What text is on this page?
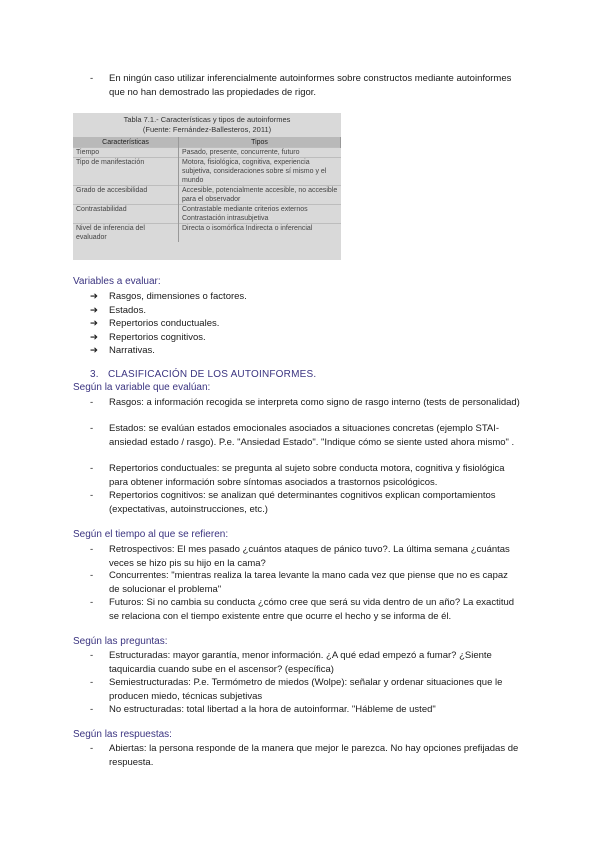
- En ningún caso utilizar inferencialmente autoinformes sobre constructos mediante autoinformes que no han demostrado las propiedades de rigor.
Tabla 7.1.- Características y tipos de autoinformes
(Fuente: Fernández-Ballesteros, 2011)
Características	Tipos
Tiempo	Pasado, presente, concurrente, futuro
Tipo de manifestación	Motora, fisiológica, cognitiva, experiencia subjetiva, consideraciones sobre sí mismo y el mundo
Grado de accesibilidad	Accesible, potencialmente accesible, no accesible para el observador
Contrastabilidad	Contrastable mediante criterios externos Contrastación intrasubjetiva
Nivel de inferencia del evaluador	Directa o isomórfica Indirecta o inferencial
Variables a evaluar:
➔ Rasgos, dimensiones o factores.
➔ Estados.
➔ Repertorios conductuales.
➔ Repertorios cognitivos.
➔ Narrativas.
3. CLASIFICACIÓN DE LOS AUTOINFORMES.
Según la variable que evalúan:
- Rasgos: a información recogida se interpreta como signo de rasgo interno (tests de personalidad)
- Estados: se evalúan estados emocionales asociados a situaciones concretas (ejemplo STAI-ansiedad estado / rasgo). P.e. "Ansiedad Estado". "Indique cómo se siente usted ahora mismo" .
- Repertorios conductuales: se pregunta al sujeto sobre conducta motora, cognitiva y fisiológica para obtener información sobre síntomas asociados a trastornos psicológicos.
- Repertorios cognitivos: se analizan qué determinantes cognitivos explican comportamientos (expectativas, autoinstrucciones, etc.)
Según el tiempo al que se refieren:
- Retrospectivos: El mes pasado ¿cuántos ataques de pánico tuvo?. La última semana ¿cuántas veces se hizo pis su hijo en la cama?
- Concurrentes: "mientras realiza la tarea levante la mano cada vez que piense que no es capaz de solucionar el problema"
- Futuros: Si no cambia su conducta ¿cómo cree que será su vida dentro de un año? La exactitud se relaciona con el tiempo existente entre que ocurre el hecho y se informa de él.
Según las preguntas:
- Estructuradas: mayor garantía, menor información. ¿A qué edad empezó a fumar? ¿Siente taquicardia cuando sube en el ascensor? (específica)
- Semiestructuradas: P.e. Termómetro de miedos (Wolpe): señalar y ordenar situaciones que le producen miedo, técnicas subjetivas
- No estructuradas: total libertad a la hora de autoinformar. "Hábleme de usted"
Según las respuestas:
- Abiertas: la persona responde de la manera que mejor le parezca. No hay opciones prefijadas de respuesta.
